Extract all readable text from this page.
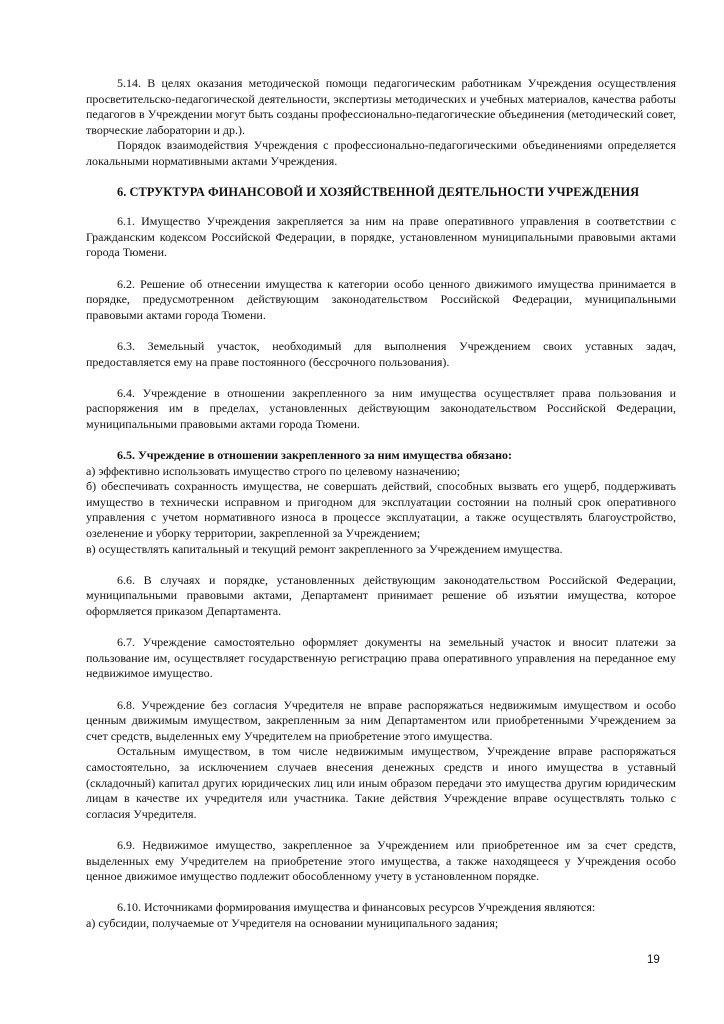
5.14. В целях оказания методической помощи педагогическим работникам Учреждения осуществления просветительско-педагогической деятельности, экспертизы методических и учебных материалов, качества работы педагогов в Учреждении могут быть созданы профессионально-педагогические объединения (методический совет, творческие лаборатории и др.).

Порядок взаимодействия Учреждения с профессионально-педагогическими объединениями определяется локальными нормативными актами Учреждения.

6. СТРУКТУРА ФИНАНСОВОЙ И ХОЗЯЙСТВЕННОЙ ДЕЯТЕЛЬНОСТИ УЧРЕЖДЕНИЯ

6.1. Имущество Учреждения закрепляется за ним на праве оперативного управления в соответствии с Гражданским кодексом Российской Федерации, в порядке, установленном муниципальными правовыми актами города Тюмени.

6.2. Решение об отнесении имущества к категории особо ценного движимого имущества принимается в порядке, предусмотренном действующим законодательством Российской Федерации, муниципальными правовыми актами города Тюмени.

6.3. Земельный участок, необходимый для выполнения Учреждением своих уставных задач, предоставляется ему на праве постоянного (бессрочного пользования).

6.4. Учреждение в отношении закрепленного за ним имущества осуществляет права пользования и распоряжения им в пределах, установленных действующим законодательством Российской Федерации, муниципальными правовыми актами города Тюмени.

6.5. Учреждение в отношении закрепленного за ним имущества обязано:

а) эффективно использовать имущество строго по целевому назначению;

б) обеспечивать сохранность имущества, не совершать действий, способных вызвать его ущерб, поддерживать имущество в технически исправном и пригодном для эксплуатации состоянии на полный срок оперативного управления с учетом нормативного износа в процессе эксплуатации, а также осуществлять благоустройство, озеленение и уборку территории, закрепленной за Учреждением;

в) осуществлять капитальный и текущий ремонт закрепленного за Учреждением имущества.

6.6. В случаях и порядке, установленных действующим законодательством Российской Федерации, муниципальными правовыми актами, Департамент принимает решение об изъятии имущества, которое оформляется приказом Департамента.

6.7. Учреждение самостоятельно оформляет документы на земельный участок и вносит платежи за пользование им, осуществляет государственную регистрацию права оперативного управления на переданное ему недвижимое имущество.

6.8. Учреждение без согласия Учредителя не вправе распоряжаться недвижимым имуществом и особо ценным движимым имуществом, закрепленным за ним Департаментом или приобретенными Учреждением за счет средств, выделенных ему Учредителем на приобретение этого имущества.

Остальным имуществом, в том числе недвижимым имуществом, Учреждение вправе распоряжаться самостоятельно, за исключением случаев внесения денежных средств и иного имущества в уставный (складочный) капитал других юридических лиц или иным образом передачи это имущества другим юридическим лицам в качестве их учредителя или участника. Такие действия Учреждение вправе осуществлять только с согласия Учредителя.

6.9. Недвижимое имущество, закрепленное за Учреждением или приобретенное им за счет средств, выделенных ему Учредителем на приобретение этого имущества, а также находящееся у Учреждения особо ценное движимое имущество подлежит обособленному учету в установленном порядке.

6.10. Источниками формирования имущества и финансовых ресурсов Учреждения являются:

а) субсидии, получаемые от Учредителя на основании муниципального задания;

19
